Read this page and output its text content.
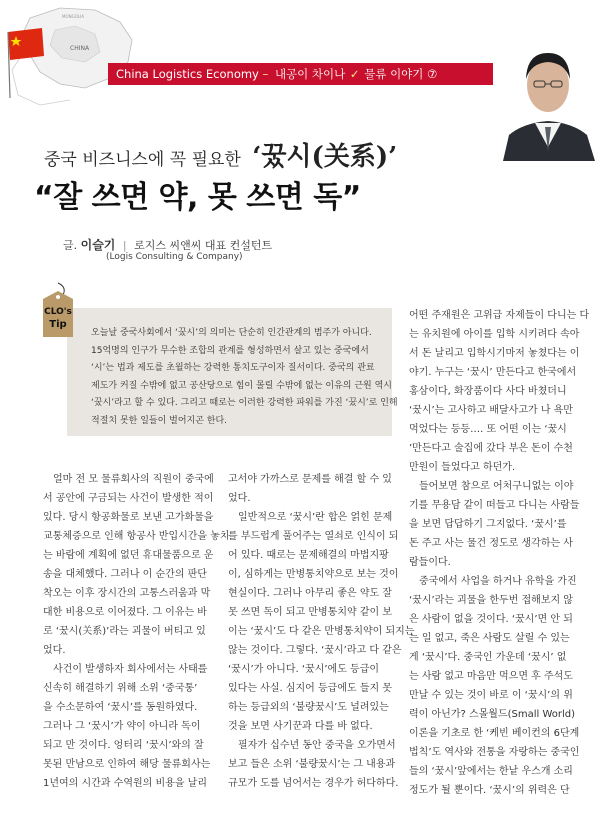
CHINA
MONGOLIA
China Logistics Economy – 내공이 차이나 ✓ 물류 이야기 ⑦
중국 비즈니스에 꼭 필요한 ‘꿌시(关系)’
“잘 쓰면 약, 못 쓰면 독”
글. 이슬기 | 로지스 씨앤씨 대표 컨설턴트
(Logis Consulting & Company)
CLO's
Tip

오늘날 중국사회에서 ‘꿌시’의 의미는 단순히 인간관계의 범주가 아니다.

15억명의 인구가 무수한 조합의 관계를 형성하면서 살고 있는 중국에서

‘시’는 법과 제도를 초월하는 강력한 통치도구이자 질서이다. 중국의 관료

제도가 커질 수밖에 없고 공산당으로 힘이 몰릴 수밖에 없는 이유의 근원 역시

‘꿌시’라고 할 수 있다. 그리고 때로는 이러한 강력한 파워를 가진 ‘꿌시’로 인해

적절치 못한 일들이 벌어지곤 한다.

얼마 전 모 물류회사의 직원이 중국에

서 공안에 구금되는 사건이 발생한 적이

있다. 당시 항공화물로 보낸 고가화물을

교통체증으로 인해 항공사 반입시간을 놓치

는 바람에 계획에 없던 휴대물품으로 운

송을 대체했다. 그러나 이 순간의 판단

착오는 이후 장시간의 고통스러움과 막

대한 비용으로 이어졌다. 그 이유는 바

로 ‘꿌시(关系)’라는 괴물이 버티고 있

었다.

사건이 발생하자 회사에서는 사태를

신속히 해결하기 위해 소위 ‘중국통’

을 수소문하여 ‘꿌시’를 동원하였다.

그러나 그 ‘꿌시’가 약이 아니라 독이

되고 만 것이다. 엉터리 ‘꿌시’와의 잘

못된 만남으로 인하여 해당 물류회사는

1년여의 시간과 수역원의 비용을 날리

고서야 가까스로 문제를 해결 할 수 있

었다.

일반적으로 ‘꿌시’란 합은 얽힌 문제

를 부드럽게 풀어주는 열쇠로 인식이 되

어 있다. 때로는 문제해결의 마법지팡

이, 심하게는 만병통치약으로 보는 것이

현실이다. 그러나 아무리 좋은 약도 잘

못 쓰면 독이 되고 만병통치약 같이 보

이는 ‘꿌시’도 다 같은 만병통치약이 되지는

않는 것이다. 그렇다. ‘꿌시’라고 다 같은

‘꿌시’가 아니다. ‘꿌시’에도 등급이

있다는 사실. 심지어 등급에도 들지 못

하는 등급외의 ‘불량꿌시’도 널려있는

것을 보면 사기꾼과 다를 바 없다.

필자가 십수년 동안 중국을 오가면서

보고 들은 소위 ‘불량꿌시’는 그 내용과

규모가 도를 넘어서는 경우가 허다하다.

어떤 주재원은 고위급 자제들이 다니는 다

는 유치원에 아이를 입학 시키려다 속아

서 돈 날리고 입학시기마저 놓쳤다는 이

야기. 누구는 ‘꿌시’ 만든다고 한국에서

홍삼이다, 화장품이다 사다 바쳤더니

‘꿌시’는 고사하고 배달사고가 나 욕만

먹었다는 등등…. 또 어떤 이는 ‘꿌시

’만든다고 술집에 갔다 부은 돈이 수천

만원이 들었다고 하던가.

들어보면 참으로 어처구니없는 이야

기를 무용담 같이 떠들고 다니는 사람들

을 보면 답답하기 그지없다. ‘꿌시’를

돈 주고 사는 물건 정도로 생각하는 사

람들이다.

중국에서 사업을 하거나 유학을 가진

‘꿌시’라는 괴물을 한두번 접해보지 않

은 사람이 없을 것이다. ‘꿌시’면 안 되

는 일 없고, 죽은 사람도 살릴 수 있는

게 ‘꿌시’다. 중국인 가운데 ‘꿌시’ 없

는 사람 없고 마음만 먹으면 후 주석도

만날 수 있는 것이 바로 이 ‘꿌시’의 위

력이 아닌가? 스몰월드(Small World)

이론을 기초로 한 ‘케빈 베이컨의 6단계

법칙’도 역사와 전통을 자랑하는 중국인

들의 ‘꿌시’앞에서는 한낱 우스개 소리

정도가 될 뿐이다. ‘꿌시’의 위력은 단
